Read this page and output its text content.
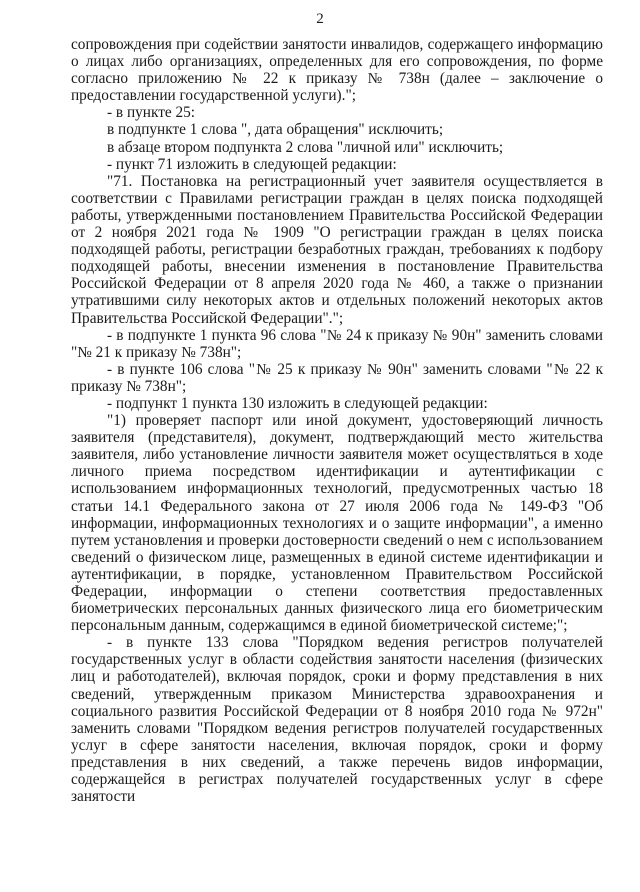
2

сопровождения при содействии занятости инвалидов, содержащего информацию о лицах либо организациях, определенных для его сопровождения, по форме согласно приложению № 22 к приказу № 738н (далее – заключение о предоставлении государственной услуги).";

- в пункте 25:

в подпункте 1 слова ", дата обращения" исключить;

в абзаце втором подпункта 2 слова "личной или" исключить;

- пункт 71 изложить в следующей редакции:

"71. Постановка на регистрационный учет заявителя осуществляется в соответствии с Правилами регистрации граждан в целях поиска подходящей работы, утвержденными постановлением Правительства Российской Федерации от 2 ноября 2021 года № 1909 "О регистрации граждан в целях поиска подходящей работы, регистрации безработных граждан, требованиях к подбору подходящей работы, внесении изменения в постановление Правительства Российской Федерации от 8 апреля 2020 года № 460, а также о признании утратившими силу некоторых актов и отдельных положений некоторых актов Правительства Российской Федерации".";

- в подпункте 1 пункта 96 слова "№ 24 к приказу № 90н" заменить словами "№ 21 к приказу № 738н";

- в пункте 106 слова "№ 25 к приказу № 90н" заменить словами "№ 22 к приказу № 738н";

- подпункт 1 пункта 130 изложить в следующей редакции:

"1) проверяет паспорт или иной документ, удостоверяющий личность заявителя (представителя), документ, подтверждающий место жительства заявителя, либо установление личности заявителя может осуществляться в ходе личного приема посредством идентификации и аутентификации с использованием информационных технологий, предусмотренных частью 18 статьи 14.1 Федерального закона от 27 июля 2006 года № 149-ФЗ "Об информации, информационных технологиях и о защите информации", а именно путем установления и проверки достоверности сведений о нем с использованием сведений о физическом лице, размещенных в единой системе идентификации и аутентификации, в порядке, установленном Правительством Российской Федерации, информации о степени соответствия предоставленных биометрических персональных данных физического лица его биометрическим персональным данным, содержащимся в единой биометрической системе;";

- в пункте 133 слова "Порядком ведения регистров получателей государственных услуг в области содействия занятости населения (физических лиц и работодателей), включая порядок, сроки и форму представления в них сведений, утвержденным приказом Министерства здравоохранения и социального развития Российской Федерации от 8 ноября 2010 года № 972н" заменить словами "Порядком ведения регистров получателей государственных услуг в сфере занятости населения, включая порядок, сроки и форму представления в них сведений, а также перечень видов информации, содержащейся в регистрах получателей государственных услуг в сфере занятости
